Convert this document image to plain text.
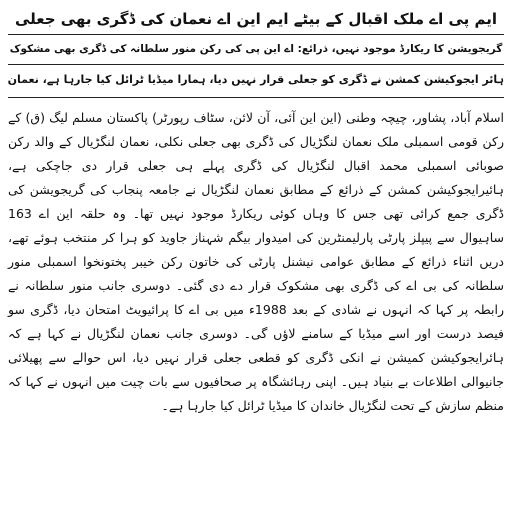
ایم پی اے ملک اقبال کے بیٹے ایم این اے نعمان کی ڈگری بھی جعلی

گریجویشن کا ریکارڈ موجود نہیں، ذرائع: اے این پی کی رکن منور سلطانہ کی ڈگری بھی مشکوک

ہائر ایجوکیشن کمشن نے ڈگری کو جعلی قرار نہیں دیا، ہمارا میڈیا ٹرائل کیا جارہا ہے، نعمان

اسلام آباد، پشاور، چیچہ وطنی (این این آئی، آن لائن، سٹاف رپورٹر) پاکستان مسلم لیگ (ق) کے رکن قومی اسمبلی ملک نعمان لنگڑیال کی ڈگری بھی جعلی نکلی، نعمان لنگڑیال کے والد رکن صوبائی اسمبلی محمد اقبال لنگڑیال کی ڈگری پہلے ہی جعلی قرار دی جاچکی ہے، ہائیرایجوکیشن کمشن کے ذرائع کے مطابق نعمان لنگڑیال نے جامعہ پنجاب کی گریجویشن کی ڈگری جمع کرائی تھی جس کا وہاں کوئی ریکارڈ موجود نہیں تھا۔ وہ حلقہ این اے 163 ساہیوال سے پیپلز پارٹی پارلیمنٹرین کی امیدوار بیگم شہناز جاوید کو ہرا کر منتخب ہوئے تھے، دریں اثناء ذرائع کے مطابق عوامی نیشنل پارٹی کی خاتون رکن خیبر پختونخوا اسمبلی منور سلطانہ کی بی اے کی ڈگری بھی مشکوک قرار دے دی گئی۔ دوسری جانب منور سلطانہ نے رابطہ پر کہا کہ انہوں نے شادی کے بعد 1988ء میں بی اے کا پرائیویٹ امتحان دیا، ڈگری سو فیصد درست اور اسے میڈیا کے سامنے لاؤں گی۔ دوسری جانب نعمان لنگڑیال نے کہا ہے کہ ہائرایجوکیشن کمیشن نے انکی ڈگری کو قطعی جعلی قرار نہیں دیا، اس حوالے سے پھیلائی جانیوالی اطلاعات بے بنیاد ہیں۔ اپنی رہائشگاہ پر صحافیوں سے بات چیت میں انہوں نے کہا کہ منظم سازش کے تحت لنگڑیال خاندان کا میڈیا ٹرائل کیا جارہا ہے۔
